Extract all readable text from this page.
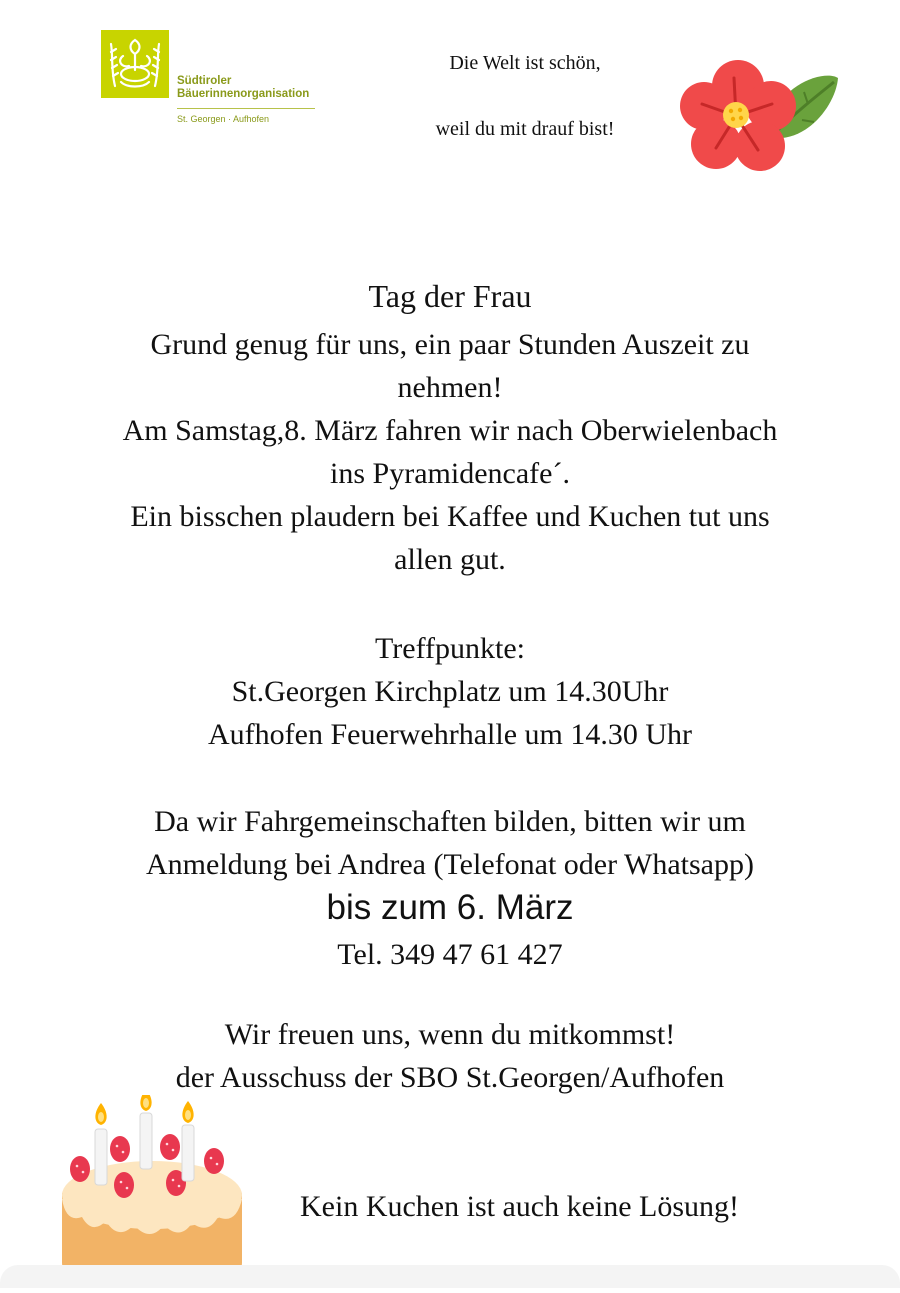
Südtiroler
Bäuerinnenorganisation
St. Georgen · Aufhofen
Die Welt ist schön,
weil du mit drauf bist!
Tag der Frau
Grund genug für uns, ein paar Stunden Auszeit zu
nehmen!
Am Samstag,8. März fahren wir nach Oberwielenbach
ins Pyramidencafe´.
Ein bisschen plaudern bei Kaffee und Kuchen tut uns
allen gut.
Treffpunkte:
St.Georgen Kirchplatz um 14.30Uhr
Aufhofen Feuerwehrhalle um 14.30 Uhr
Da wir Fahrgemeinschaften bilden, bitten wir um
Anmeldung bei Andrea (Telefonat oder Whatsapp)
bis zum 6. März
Tel. 349 47 61 427
Wir freuen uns, wenn du mitkommst!
der Ausschuss der SBO St.Georgen/Aufhofen
Kein Kuchen ist auch keine Lösung!
